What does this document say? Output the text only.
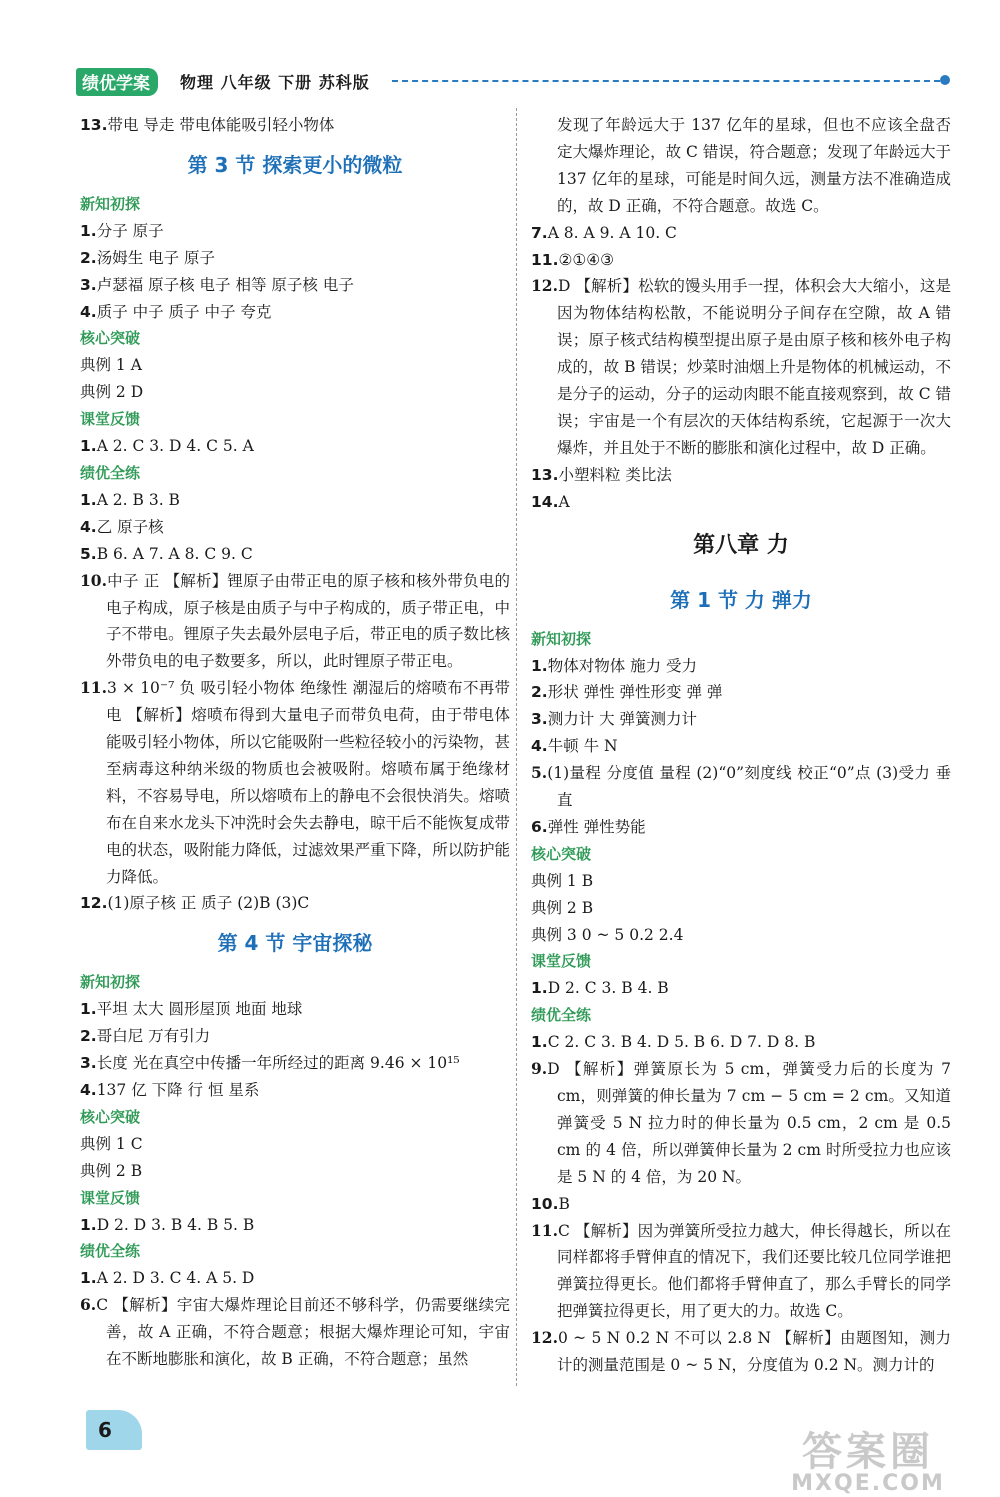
绩优学案	物理 八年级 下册 苏科版
13.带电 导走 带电体能吸引轻小物体
第 3 节 探索更小的微粒
新知初探
1.分子 原子
2.汤姆生 电子 原子
3.卢瑟福 原子核 电子 相等 原子核 电子
4.质子 中子 质子 中子 夸克
核心突破
典例 1 A
典例 2 D
课堂反馈
1.A 2. C 3. D 4. C 5. A
绩优全练
1.A 2. B 3. B
4.乙 原子核
5.B 6. A 7. A 8. C 9. C
10.中子 正 【解析】锂原子由带正电的原子核和核外带负电的电子构成，原子核是由质子与中子构成的，质子带正电，中子不带电。锂原子失去最外层电子后，带正电的质子数比核外带负电的电子数要多，所以，此时锂原子带正电。
11.3 × 10⁻⁷ 负 吸引轻小物体 绝缘性 潮湿后的熔喷布不再带电 【解析】熔喷布得到大量电子而带负电荷，由于带电体能吸引轻小物体，所以它能吸附一些粒径较小的污染物，甚至病毒这种纳米级的物质也会被吸附。熔喷布属于绝缘材料，不容易导电，所以熔喷布上的静电不会很快消失。熔喷布在自来水龙头下冲洗时会失去静电，晾干后不能恢复成带电的状态，吸附能力降低，过滤效果严重下降，所以防护能力降低。
12.(1)原子核 正 质子 (2)B (3)C
第 4 节 宇宙探秘
新知初探
1.平坦 太大 圆形屋顶 地面 地球
2.哥白尼 万有引力
3.长度 光在真空中传播一年所经过的距离 9.46 × 10¹⁵
4.137 亿 下降 行 恒 星系
核心突破
典例 1 C
典例 2 B
课堂反馈
1.D 2. D 3. B 4. B 5. B
绩优全练
1.A 2. D 3. C 4. A 5. D
6.C 【解析】宇宙大爆炸理论目前还不够科学，仍需要继续完善，故 A 正确，不符合题意；根据大爆炸理论可知，宇宙在不断地膨胀和演化，故 B 正确，不符合题意；虽然
发现了年龄远大于 137 亿年的星球，但也不应该全盘否定大爆炸理论，故 C 错误，符合题意；发现了年龄远大于 137 亿年的星球，可能是时间久远，测量方法不准确造成的，故 D 正确，不符合题意。故选 C。
7.A 8. A 9. A 10. C
11.②①④③
12.D 【解析】松软的馒头用手一捏，体积会大大缩小，这是因为物体结构松散，不能说明分子间存在空隙，故 A 错误；原子核式结构模型提出原子是由原子核和核外电子构成的，故 B 错误；炒菜时油烟上升是物体的机械运动，不是分子的运动，分子的运动肉眼不能直接观察到，故 C 错误；宇宙是一个有层次的天体结构系统，它起源于一次大爆炸，并且处于不断的膨胀和演化过程中，故 D 正确。
13.小塑料粒 类比法
14.A
第八章 力
第 1 节 力 弹力
新知初探
1.物体对物体 施力 受力
2.形状 弹性 弹性形变 弹 弹
3.测力计 大 弹簧测力计
4.牛顿 牛 N
5.(1)量程 分度值 量程 (2)“0”刻度线 校正“0”点 (3)受力 垂直
6.弹性 弹性势能
核心突破
典例 1 B
典例 2 B
典例 3 0 ~ 5 0.2 2.4
课堂反馈
1.D 2. C 3. B 4. B
绩优全练
1.C 2. C 3. B 4. D 5. B 6. D 7. D 8. B
9.D 【解析】弹簧原长为 5 cm，弹簧受力后的长度为 7 cm，则弹簧的伸长量为 7 cm − 5 cm = 2 cm。又知道弹簧受 5 N 拉力时的伸长量为 0.5 cm，2 cm 是 0.5 cm 的 4 倍，所以弹簧伸长量为 2 cm 时所受拉力也应该是 5 N 的 4 倍，为 20 N。
10.B
11.C 【解析】因为弹簧所受拉力越大，伸长得越长，所以在同样都将手臂伸直的情况下，我们还要比较几位同学谁把弹簧拉得更长。他们都将手臂伸直了，那么手臂长的同学把弹簧拉得更长，用了更大的力。故选 C。
12.0 ~ 5 N 0.2 N 不可以 2.8 N 【解析】由题图知，测力计的测量范围是 0 ~ 5 N，分度值为 0.2 N。测力计的
6	答案圈
MXQE.COM
